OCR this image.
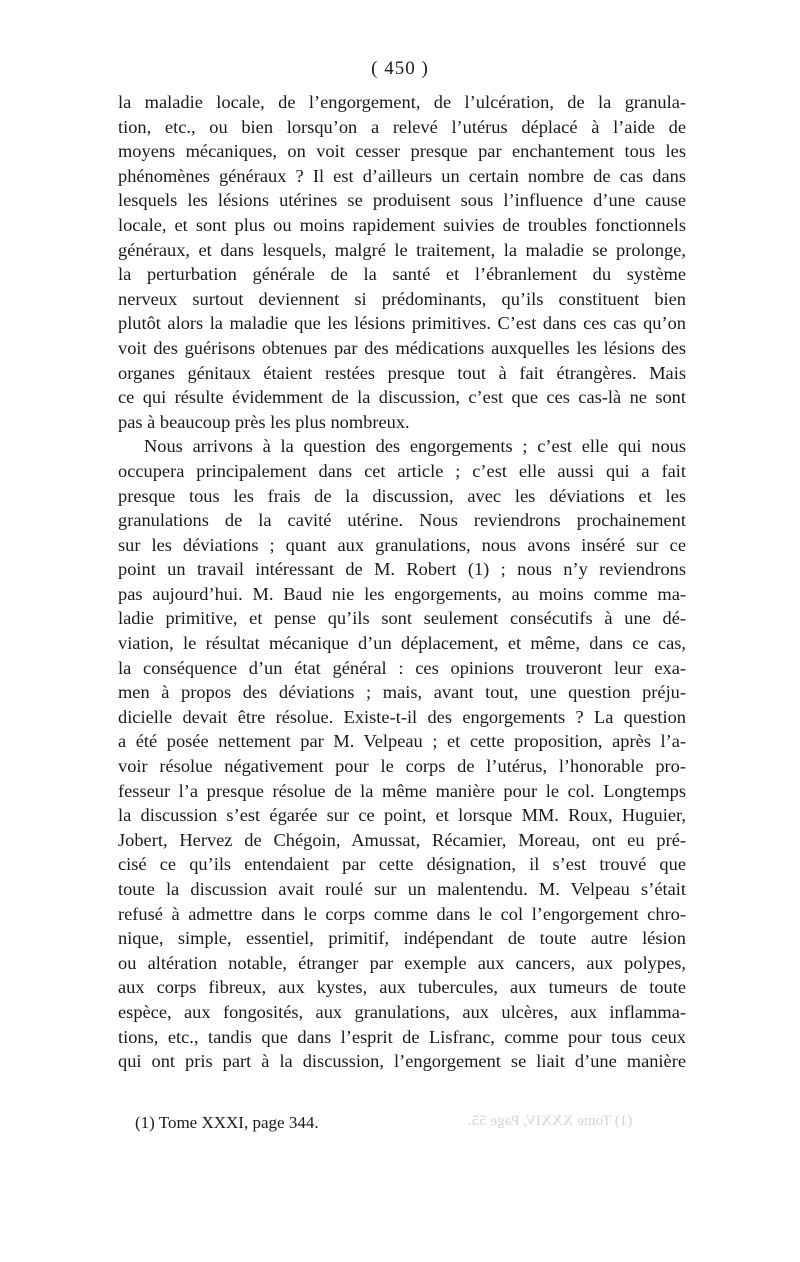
( 450 )
la maladie locale, de l’engorgement, de l’ulcération, de la granula-
tion, etc., ou bien lorsqu’on a relevé l’utérus déplacé à l’aide de
moyens mécaniques, on voit cesser presque par enchantement tous les
phénomènes généraux ? Il est d’ailleurs un certain nombre de cas dans
lesquels les lésions utérines se produisent sous l’influence d’une cause
locale, et sont plus ou moins rapidement suivies de troubles fonctionnels
généraux, et dans lesquels, malgré le traitement, la maladie se prolonge,
la perturbation générale de la santé et l’ébranlement du système
nerveux surtout deviennent si prédominants, qu’ils constituent bien
plutôt alors la maladie que les lésions primitives. C’est dans ces cas qu’on
voit des guérisons obtenues par des médications auxquelles les lésions des
organes génitaux étaient restées presque tout à fait étrangères. Mais
ce qui résulte évidemment de la discussion, c’est que ces cas-là ne sont
pas à beaucoup près les plus nombreux.
Nous arrivons à la question des engorgements ; c’est elle qui nous
occupera principalement dans cet article ; c’est elle aussi qui a fait
presque tous les frais de la discussion, avec les déviations et les
granulations de la cavité utérine. Nous reviendrons prochainement
sur les déviations ; quant aux granulations, nous avons inséré sur ce
point un travail intéressant de M. Robert (1) ; nous n’y reviendrons
pas aujourd’hui. M. Baud nie les engorgements, au moins comme ma-
ladie primitive, et pense qu’ils sont seulement consécutifs à une dé-
viation, le résultat mécanique d’un déplacement, et même, dans ce cas,
la conséquence d’un état général : ces opinions trouveront leur exa-
men à propos des déviations ; mais, avant tout, une question préju-
dicielle devait être résolue. Existe-t-il des engorgements ? La question
a été posée nettement par M. Velpeau ; et cette proposition, après l’a-
voir résolue négativement pour le corps de l’utérus, l’honorable pro-
fesseur l’a presque résolue de la même manière pour le col. Longtemps
la discussion s’est égarée sur ce point, et lorsque MM. Roux, Huguier,
Jobert, Hervez de Chégoin, Amussat, Récamier, Moreau, ont eu pré-
cisé ce qu’ils entendaient par cette désignation, il s’est trouvé que
toute la discussion avait roulé sur un malentendu. M. Velpeau s’était
refusé à admettre dans le corps comme dans le col l’engorgement chro-
nique, simple, essentiel, primitif, indépendant de toute autre lésion
ou altération notable, étranger par exemple aux cancers, aux polypes,
aux corps fibreux, aux kystes, aux tubercules, aux tumeurs de toute
espèce, aux fongosités, aux granulations, aux ulcères, aux inflamma-
tions, etc., tandis que dans l’esprit de Lisfranc, comme pour tous ceux
qui ont pris part à la discussion, l’engorgement se liait d’une manière
(1) Tome XXXI, page 344.	(1) Tome XXXIV, Page 55.
